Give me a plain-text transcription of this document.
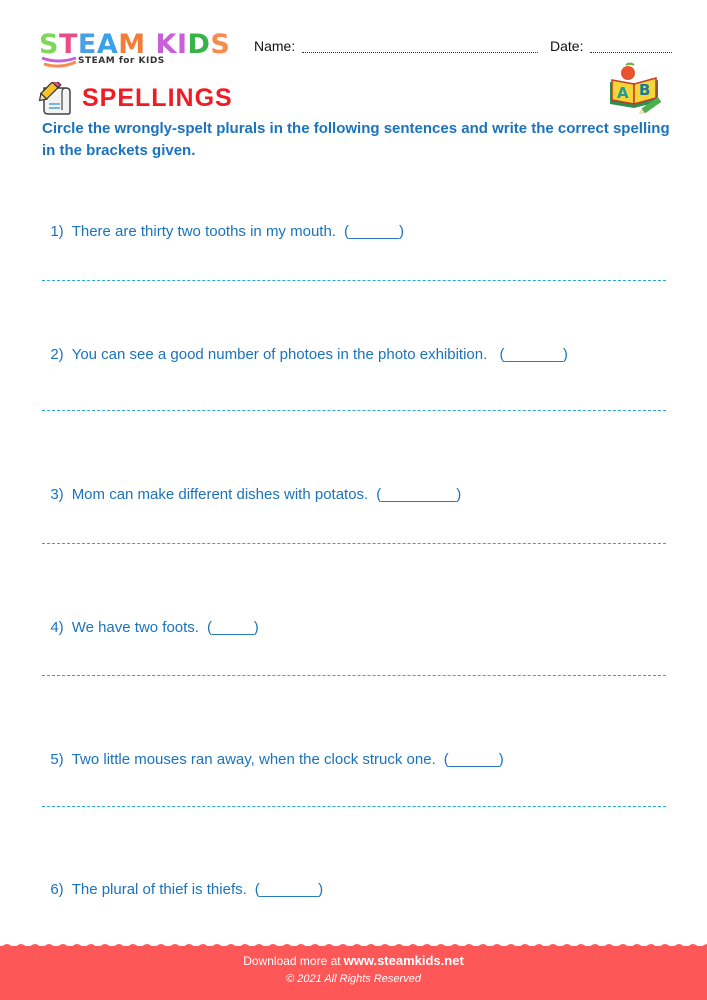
STEAM KIDS
STEAM for KIDS
Name:	Date:
SPELLINGS	A B
Circle the wrongly-spelt plurals in the following sentences and write the correct spelling in the brackets given.

1) There are thirty two tooths in my mouth. (______)

2) You can see a good number of photoes in the photo exhibition. (_______)

3) Mom can make different dishes with potatos. (_________)

4) We have two foots. (_____)

5) Two little mouses ran away, when the clock struck one. (______)

6) The plural of thief is thiefs. (_______)

Download more at www.steamkids.net
© 2021 All Rights Reserved
